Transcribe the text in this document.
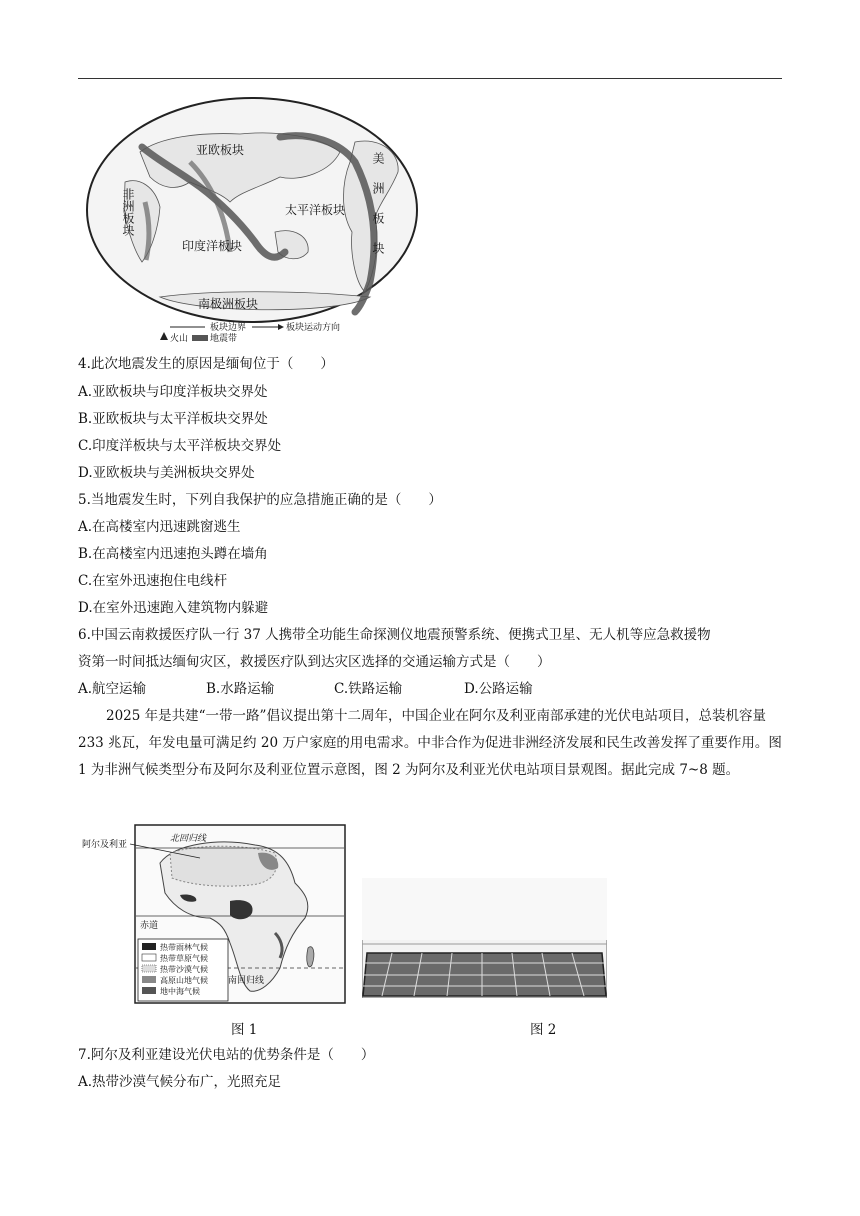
亚欧板块
太平洋板块
印度洋板块
南极洲板块
非洲板块	美洲板块
板块边界	板块运动方向
火山 地震带
4.此次地震发生的原因是缅甸位于（　　）
A.亚欧板块与印度洋板块交界处
B.亚欧板块与太平洋板块交界处
C.印度洋板块与太平洋板块交界处
D.亚欧板块与美洲板块交界处
5.当地震发生时，下列自我保护的应急措施正确的是（　　）
A.在高楼室内迅速跳窗逃生
B.在高楼室内迅速抱头蹲在墙角
C.在室外迅速抱住电线杆
D.在室外迅速跑入建筑物内躲避
6.中国云南救援医疗队一行 37 人携带全功能生命探测仪地震预警系统、便携式卫星、无人机等应急救援物
资第一时间抵达缅甸灾区，救援医疗队到达灾区选择的交通运输方式是（　　）
A.航空运输	B.水路运输	C.铁路运输	D.公路运输
2025 年是共建“一带一路”倡议提出第十二周年，中国企业在阿尔及利亚南部承建的光伏电站项目，总装机容量 233 兆瓦，年发电量可满足约 20 万户家庭的用电需求。中非合作为促进非洲经济发展和民生改善发挥了重要作用。图 1 为非洲气候类型分布及阿尔及利亚位置示意图，图 2 为阿尔及利亚光伏电站项目景观图。据此完成 7~8 题。
北回归线
赤道
南回归线
阿尔及利亚
热带雨林气候
热带草原气候
热带沙漠气候
高原山地气候
地中海气候
图 1	图 2
7.阿尔及利亚建设光伏电站的优势条件是（　　）
A.热带沙漠气候分布广，光照充足
